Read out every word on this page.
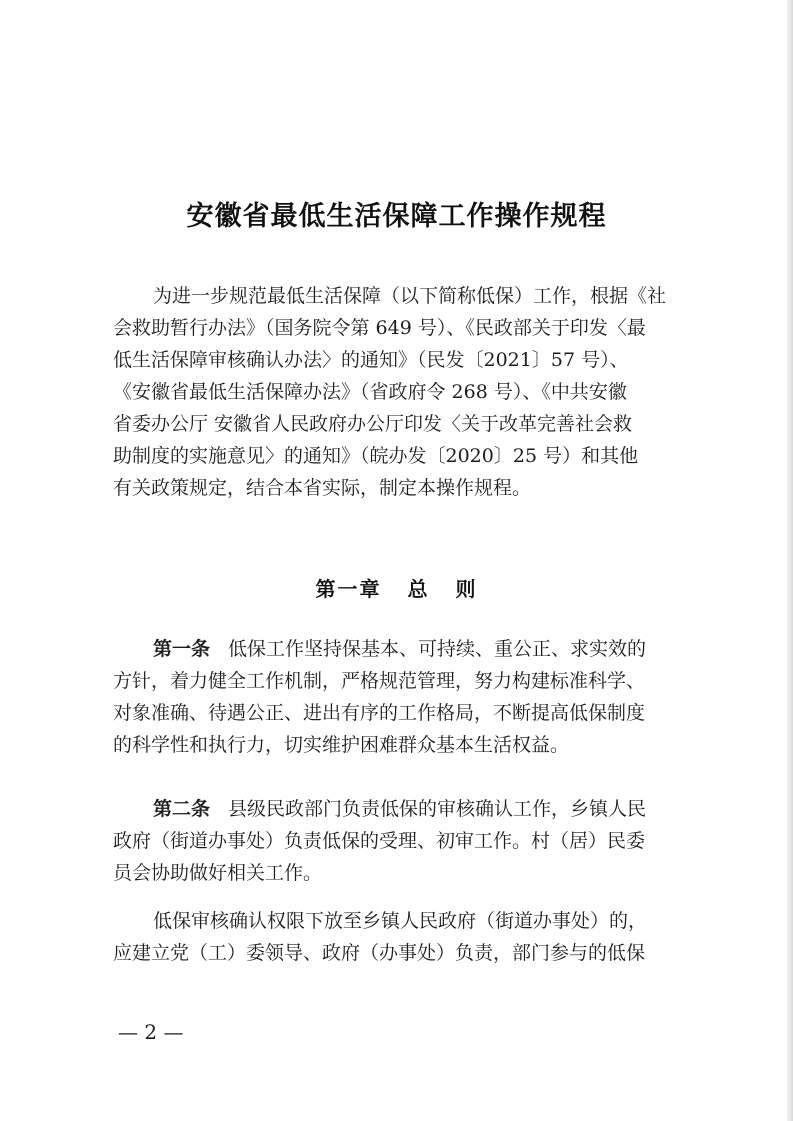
安徽省最低生活保障工作操作规程

为进一步规范最低生活保障（以下简称低保）工作，根据《社

会救助暂行办法》（国务院令第 649 号）、《民政部关于印发〈最
低生活保障审核确认办法〉的通知》（民发〔2021〕57 号）、
《安徽省最低生活保障办法》（省政府令 268 号）、《中共安徽
省委办公厅 安徽省人民政府办公厅印发〈关于改革完善社会救
助制度的实施意见〉的通知》（皖办发〔2020〕25 号）和其他
有关政策规定，结合本省实际，制定本操作规程。
第一章 总 则

第一条 低保工作坚持保基本、可持续、重公正、求实效的

方针，着力健全工作机制，严格规范管理，努力构建标准科学、
对象准确、待遇公正、进出有序的工作格局，不断提高低保制度
的科学性和执行力，切实维护困难群众基本生活权益。

第二条 县级民政部门负责低保的审核确认工作，乡镇人民

政府（街道办事处）负责低保的受理、初审工作。村（居）民委
员会协助做好相关工作。

低保审核确认权限下放至乡镇人民政府（街道办事处）的，

应建立党（工）委领导、政府（办事处）负责，部门参与的低保
— 2 —
